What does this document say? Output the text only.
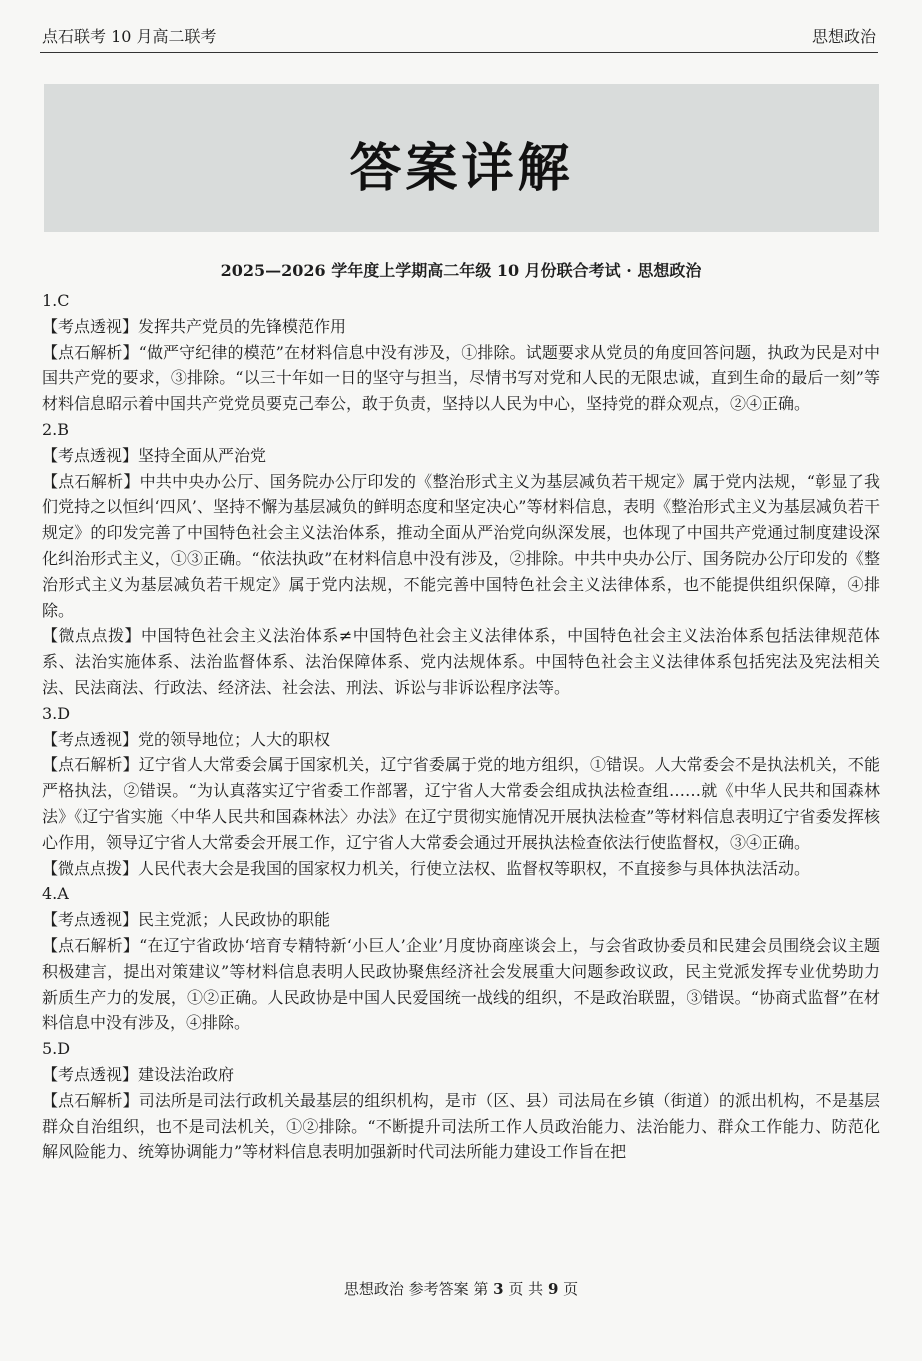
点石联考 10 月高二联考	思想政治
答案详解
2025—2026 学年度上学期高二年级 10 月份联合考试 · 思想政治
1.C
【考点透视】发挥共产党员的先锋模范作用
【点石解析】“做严守纪律的模范”在材料信息中没有涉及，①排除。试题要求从党员的角度回答问题，执政为民是对中国共产党的要求，③排除。“以三十年如一日的坚守与担当，尽情书写对党和人民的无限忠诚，直到生命的最后一刻”等材料信息昭示着中国共产党党员要克己奉公，敢于负责，坚持以人民为中心，坚持党的群众观点，②④正确。
2.B
【考点透视】坚持全面从严治党
【点石解析】中共中央办公厅、国务院办公厅印发的《整治形式主义为基层减负若干规定》属于党内法规，“彰显了我们党持之以恒纠‘四风’、坚持不懈为基层减负的鲜明态度和坚定决心”等材料信息，表明《整治形式主义为基层减负若干规定》的印发完善了中国特色社会主义法治体系，推动全面从严治党向纵深发展，也体现了中国共产党通过制度建设深化纠治形式主义，①③正确。“依法执政”在材料信息中没有涉及，②排除。中共中央办公厅、国务院办公厅印发的《整治形式主义为基层减负若干规定》属于党内法规，不能完善中国特色社会主义法律体系，也不能提供组织保障，④排除。
【微点点拨】中国特色社会主义法治体系≠中国特色社会主义法律体系，中国特色社会主义法治体系包括法律规范体系、法治实施体系、法治监督体系、法治保障体系、党内法规体系。中国特色社会主义法律体系包括宪法及宪法相关法、民法商法、行政法、经济法、社会法、刑法、诉讼与非诉讼程序法等。
3.D
【考点透视】党的领导地位；人大的职权
【点石解析】辽宁省人大常委会属于国家机关，辽宁省委属于党的地方组织，①错误。人大常委会不是执法机关，不能严格执法，②错误。“为认真落实辽宁省委工作部署，辽宁省人大常委会组成执法检查组……就《中华人民共和国森林法》《辽宁省实施〈中华人民共和国森林法〉办法》在辽宁贯彻实施情况开展执法检查”等材料信息表明辽宁省委发挥核心作用，领导辽宁省人大常委会开展工作，辽宁省人大常委会通过开展执法检查依法行使监督权，③④正确。
【微点点拨】人民代表大会是我国的国家权力机关，行使立法权、监督权等职权，不直接参与具体执法活动。
4.A
【考点透视】民主党派；人民政协的职能
【点石解析】“在辽宁省政协‘培育专精特新‘小巨人’企业’月度协商座谈会上，与会省政协委员和民建会员围绕会议主题积极建言，提出对策建议”等材料信息表明人民政协聚焦经济社会发展重大问题参政议政，民主党派发挥专业优势助力新质生产力的发展，①②正确。人民政协是中国人民爱国统一战线的组织，不是政治联盟，③错误。“协商式监督”在材料信息中没有涉及，④排除。
5.D
【考点透视】建设法治政府
【点石解析】司法所是司法行政机关最基层的组织机构，是市（区、县）司法局在乡镇（街道）的派出机构，不是基层群众自治组织，也不是司法机关，①②排除。“不断提升司法所工作人员政治能力、法治能力、群众工作能力、防范化解风险能力、统筹协调能力”等材料信息表明加强新时代司法所能力建设工作旨在把
思想政治 参考答案 第 3 页 共 9 页
